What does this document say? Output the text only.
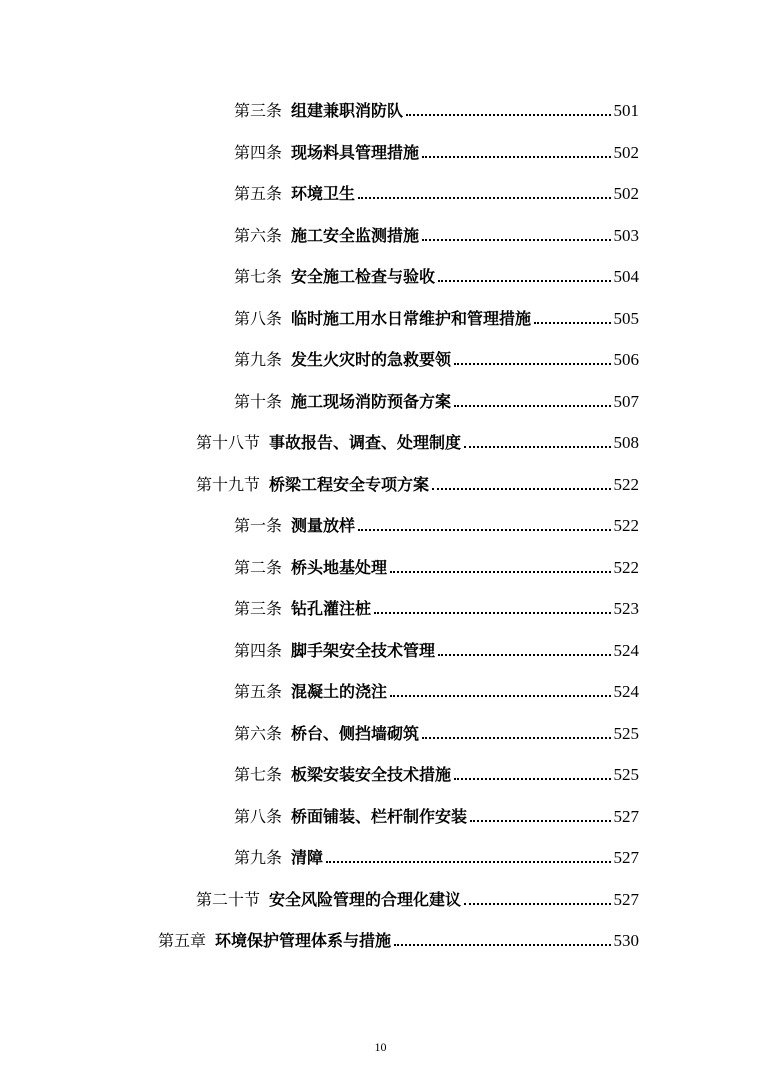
第三条 组建兼职消防队	501
第四条 现场料具管理措施	502
第五条 环境卫生	502
第六条 施工安全监测措施	503
第七条 安全施工检查与验收	504
第八条 临时施工用水日常维护和管理措施	505
第九条 发生火灾时的急救要领	506
第十条 施工现场消防预备方案	507
第十八节 事故报告、调查、处理制度	508
第十九节 桥梁工程安全专项方案	522
第一条 测量放样	522
第二条 桥头地基处理	522
第三条 钻孔灌注桩	523
第四条 脚手架安全技术管理	524
第五条 混凝土的浇注	524
第六条 桥台、侧挡墙砌筑	525
第七条 板梁安装安全技术措施	525
第八条 桥面铺装、栏杆制作安装	527
第九条 清障	527
第二十节 安全风险管理的合理化建议	527
第五章 环境保护管理体系与措施	530
10
